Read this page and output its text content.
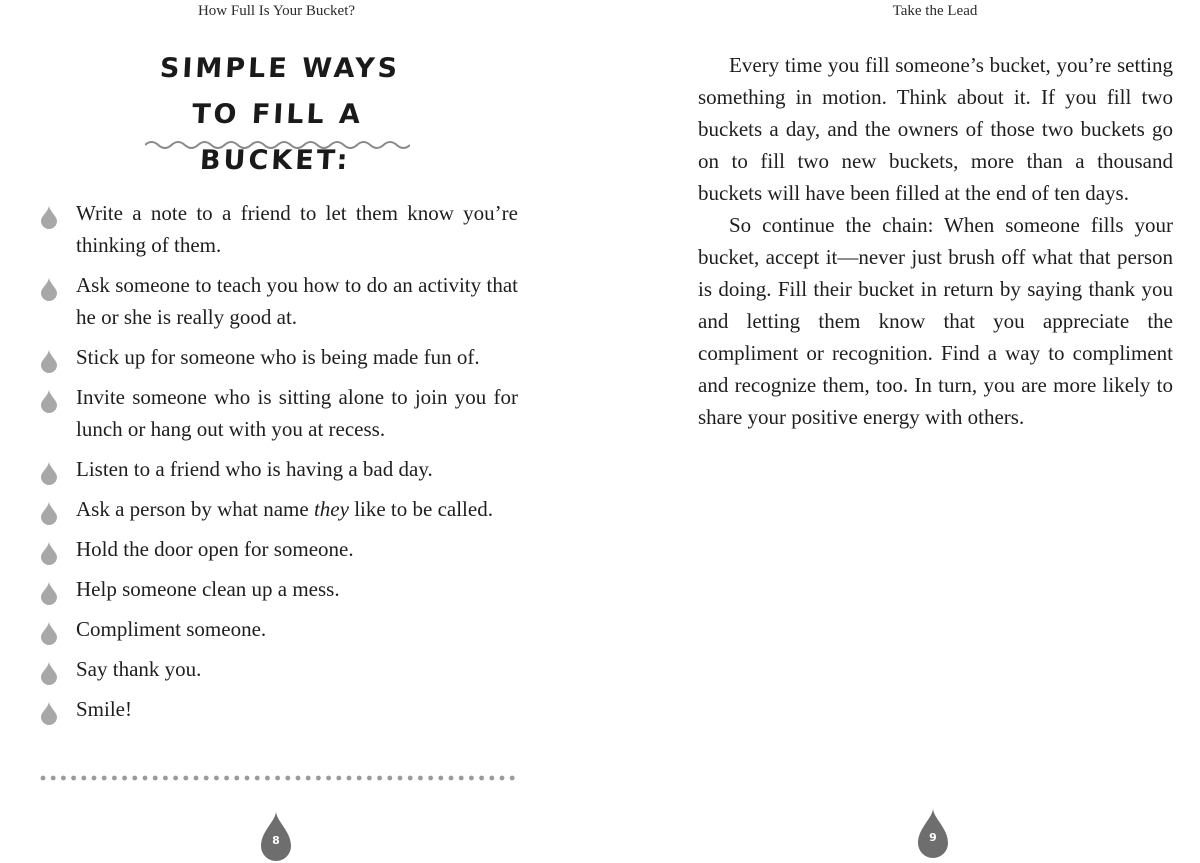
How Full Is Your Bucket?
SIMPLE WAYS
TO FILL A BUCKET:
Write a note to a friend to let them know you’re thinking of them.
Ask someone to teach you how to do an activity that he or she is really good at.
Stick up for someone who is being made fun of.
Invite someone who is sitting alone to join you for lunch or hang out with you at recess.
Listen to a friend who is having a bad day.
Ask a person by what name they like to be called.
Hold the door open for someone.
Help someone clean up a mess.
Compliment someone.
Say thank you.
Smile!
8
Take the Lead

Every time you fill someone’s bucket, you’re setting something in motion. Think about it. If you fill two buckets a day, and the owners of those two buckets go on to fill two new buckets, more than a thousand buckets will have been filled at the end of ten days.

So continue the chain: When someone fills your bucket, accept it—never just brush off what that person is doing. Fill their bucket in return by saying thank you and letting them know that you appreciate the compliment or recognition. Find a way to compliment and recognize them, too. In turn, you are more likely to share your positive energy with others.

9
